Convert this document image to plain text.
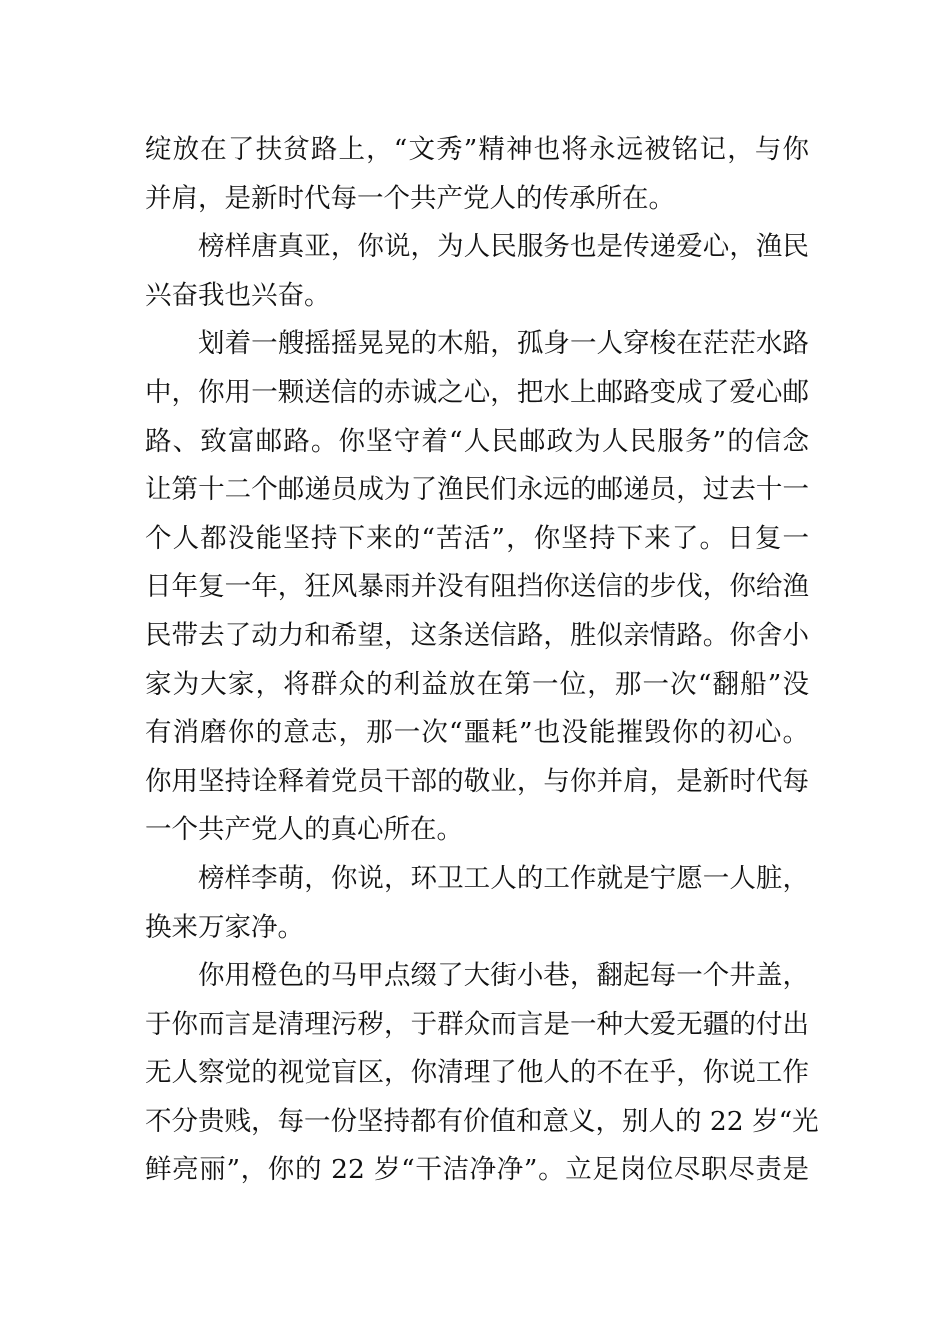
绽放在了扶贫路上，“文秀”精神也将永远被铭记，与你
并肩，是新时代每一个共产党人的传承所在。
榜样唐真亚，你说，为人民服务也是传递爱心，渔民
兴奋我也兴奋。
划着一艘摇摇晃晃的木船，孤身一人穿梭在茫茫水路
中，你用一颗送信的赤诚之心，把水上邮路变成了爱心邮
路、致富邮路。你坚守着“人民邮政为人民服务”的信念
让第十二个邮递员成为了渔民们永远的邮递员，过去十一
个人都没能坚持下来的“苦活”，你坚持下来了。日复一
日年复一年，狂风暴雨并没有阻挡你送信的步伐，你给渔
民带去了动力和希望，这条送信路，胜似亲情路。你舍小
家为大家，将群众的利益放在第一位，那一次“翻船”没
有消磨你的意志，那一次“噩耗”也没能摧毁你的初心。
你用坚持诠释着党员干部的敬业，与你并肩，是新时代每
一个共产党人的真心所在。
榜样李萌，你说，环卫工人的工作就是宁愿一人脏，
换来万家净。
你用橙色的马甲点缀了大街小巷，翻起每一个井盖，
于你而言是清理污秽，于群众而言是一种大爱无疆的付出
无人察觉的视觉盲区，你清理了他人的不在乎，你说工作
不分贵贱，每一份坚持都有价值和意义，别人的 22 岁“光
鲜亮丽”，你的 22 岁“干洁净净”。立足岗位尽职尽责是
